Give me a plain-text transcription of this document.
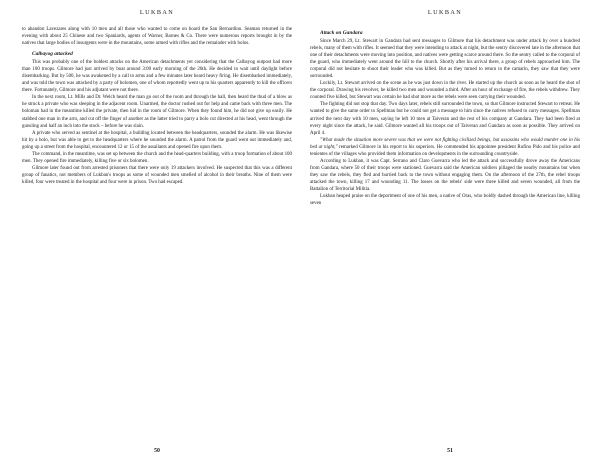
LUKBAN

to abandon Lavezares along with 10 men and all those who wanted to come on board the San Bernardino. Seaman returned in the evening with about 25 Chinese and two Spaniards, agents of Warner, Barnes & Co. There were numerous reports brought in by the natives that large bodies of insurgents were in the mountains, some armed with rifles and the remainder with bolos.

Calbayog attacked

This was probably one of the boldest attacks on the American detachments yet considering that the Calbayog outpost had more than 100 troops. Gilmore had just arrived by boat around 3:00 early morning of the 26th. He decided to wait until daylight before disembarking. But by 500, he was awakened by a call to arms and a few minutes later heard heavy firing. He disembarked immediately, and was told the town was attacked by a party of bolomen, one of whom reportedly went up to his quarters apparently to kill the officers there. Fortunately, Gilmore and his adjutant were not there.

In the next room, Lt. Mills and Dr. Welch heard the man go out of the room and through the hall, then heard the thud of a blow as he struck a private who was sleeping in the adjacent room. Unarmed, the doctor rushed out for help and came back with three men. The boloman had in the meantime killed the private, then hid in the room of Gilmore. When they found him, he did not give up easily. He stabbed one man in the arm, and cut off the finger of another as the latter tried to parry a bolo cut directed at his head, went through the gunsling and half an inch into the stock – before he was slain.

A private who served as sentinel at the hospital, a building located between the headquarters, sounded the alarm. He was likewise hit by a bolo, but was able to get to the headquarters where he sounded the alarm. A patrol from the guard went out immediately and, going up a street from the hospital, encountered 12 or 15 of the assailants and opened fire upon them.

The command, in the meantime, was set up between the church and the head-quarters building, with a troop formation of about 100 men. They opened fire immediately, killing five or six bolomen.

Gilmore later found out from arrested prisoners that there were only 19 attackers involved. He suspected that this was a different group of fanatics, not members of Lukban's troops as some of wounded men smelled of alcohol in their breaths. Nine of them were killed, four were treated in the hospital and four were in prison. Two had escaped.

50
LUKBAN
Attack on Gandara

Since March 29, Lt. Stewart in Gandara had sent messages to Gilmore that his detachment was under attack by over a hundred rebels, many of them with rifles. It seemed that they were intending to attack at night, but the sentry discovered late in the afternoon that one of their detachments were moving into position, and natives were getting scarce around there. So the sentry called to the corporal of the guard, who immediately went around the hill to the church. Shortly after his arrival there, a group of rebels approached him. The corporal did not hesitate to shoot their leader who was killed. But as they turned to return to the camarin, they saw that they were surrounded.

Luckily, Lt. Stewart arrived on the scene as he was just down in the river. He started up the church as soon as he heard the shot of the corporal. Drawing his revolver, he killed two men and wounded a third. After an hour of exchange of fire, the rebels withdrew. They counted five killed, but Stewart was certain he had shot more as the rebels were seen carrying their wounded.

The fighting did not stop that day. Two days later, rebels still surrounded the town, so that Gilmore instructed Stewart to retreat. He wanted to give the same order to Spellman but he could not get a message to him since the natives refused to carry messages. Spellman arrived the next day with 10 men, saying he left 10 men at Taiveran and the rest of his company at Gandara. They had been fired at every night since the attack, he said. Gilmore wanted all his troops out of Taiveran and Gandara as soon as possible. They arrived on April 4.

"What made the situation more severe was that we were not fighting civilized beings, but assassins who would murder one in his bed at night," remarked Gilmore in his report to his superiors. He commended his appointee president Rufino Pido and his police and tenientes of the villages who provided them information on developments in the surrounding countryside.

According to Lukban, it was Capt. Serrano and Claro Guevarra who led the attack and successfully drove away the Americans from Gandara, where 50 of their troops were stationed. Guevarra said the American soldiers pillaged the nearby mountains but when they saw the rebels, they fled and hurried back to the town without engaging them. On the afternoon of the 27th, the rebel troops attacked the town, killing 17 and wounding 11. The losses on the rebels' side were three killed and seven wounded, all from the Battalion of Territorial Militia.

Lukban heaped praise on the deportment of one of his men, a native of Oras, who boldly dashed through the American line, killing seven

51
